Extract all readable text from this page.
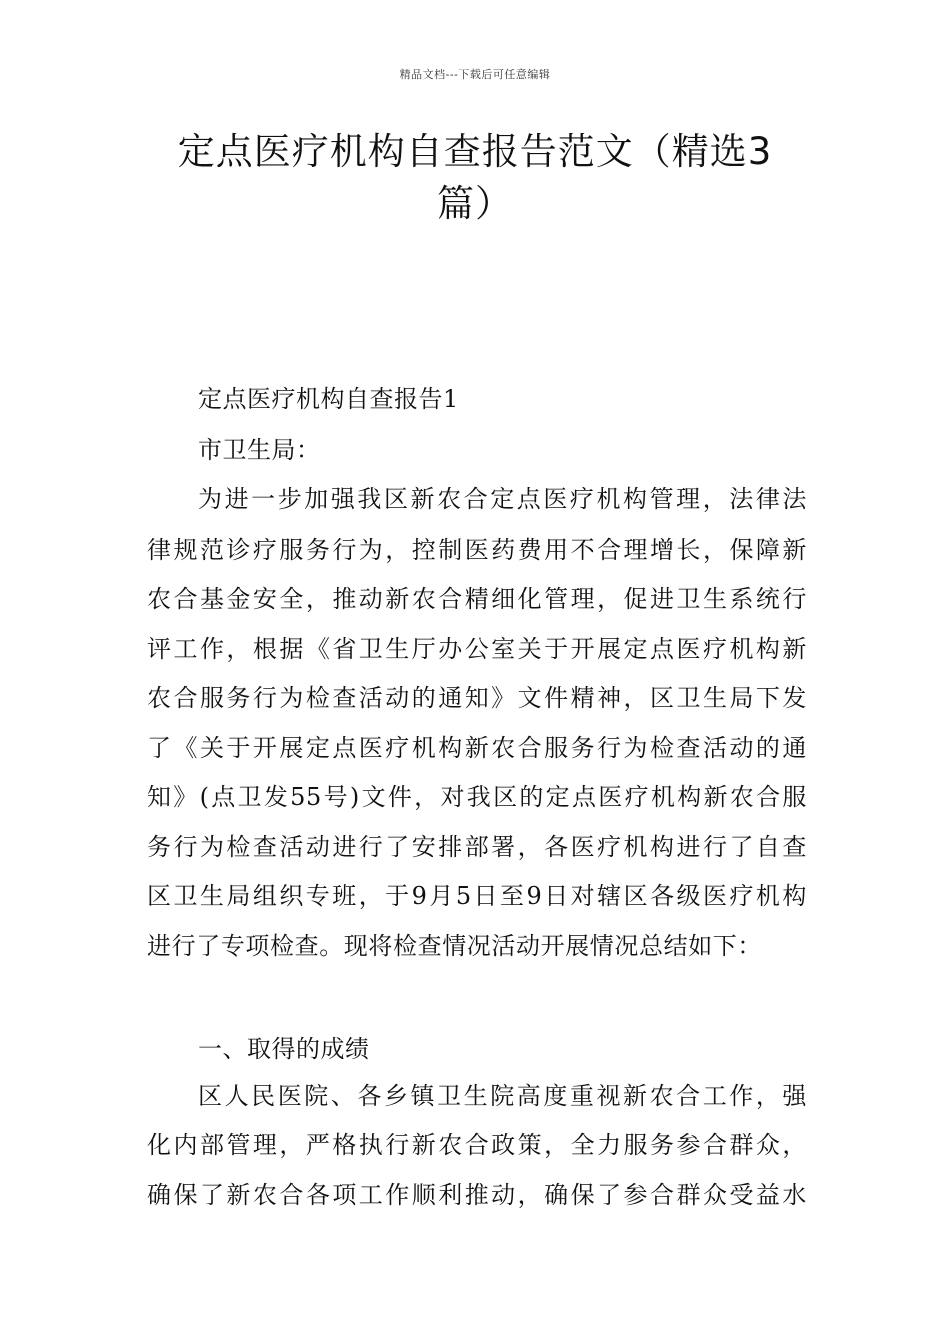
精品文档---下载后可任意编辑
定点医疗机构自查报告范文（精选3
篇）
定点医疗机构自查报告1
市卫生局：
为进一步加强我区新农合定点医疗机构管理，法律法
律规范诊疗服务行为，控制医药费用不合理增长，保障新
农合基金安全，推动新农合精细化管理，促进卫生系统行
评工作，根据《省卫生厅办公室关于开展定点医疗机构新
农合服务行为检查活动的通知》文件精神，区卫生局下发
了《关于开展定点医疗机构新农合服务行为检查活动的通
知》(点卫发55号)文件，对我区的定点医疗机构新农合服
务行为检查活动进行了安排部署，各医疗机构进行了自查
区卫生局组织专班，于9月5日至9日对辖区各级医疗机构
进行了专项检查。现将检查情况活动开展情况总结如下：
一、取得的成绩
区人民医院、各乡镇卫生院高度重视新农合工作，强
化内部管理，严格执行新农合政策，全力服务参合群众，
确保了新农合各项工作顺利推动，确保了参合群众受益水
